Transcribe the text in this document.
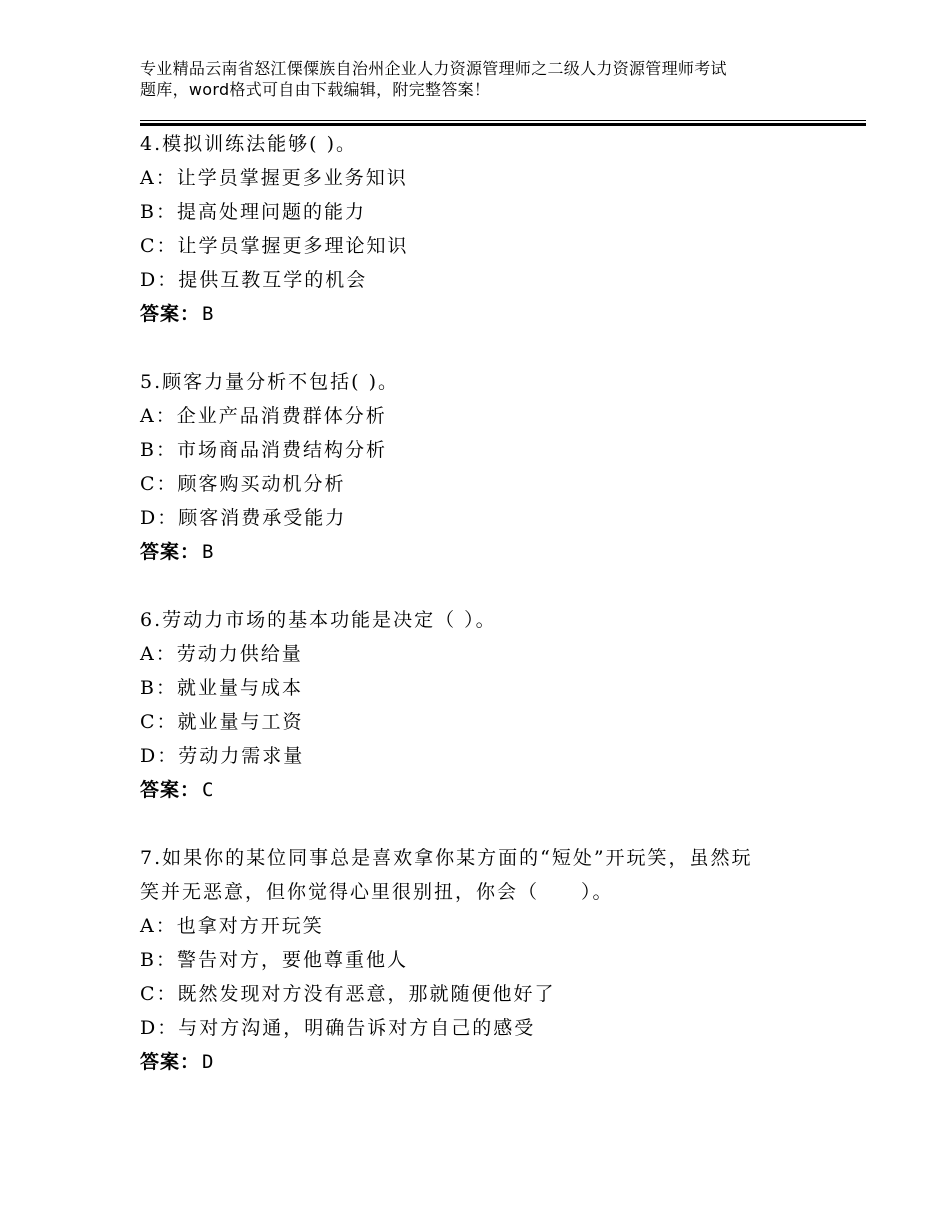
专业精品云南省怒江傈僳族自治州企业人力资源管理师之二级人力资源管理师考试
题库，word格式可自由下载编辑，附完整答案！
4.模拟训练法能够( )。
A：让学员掌握更多业务知识
B：提高处理问题的能力
C：让学员掌握更多理论知识
D：提供互教互学的机会
答案： B
5.顾客力量分析不包括( )。
A：企业产品消费群体分析
B：市场商品消费结构分析
C：顾客购买动机分析
D：顾客消费承受能力
答案： B
6.劳动力市场的基本功能是决定（ ）。
A：劳动力供给量
B：就业量与成本
C：就业量与工资
D：劳动力需求量
答案： C
7.如果你的某位同事总是喜欢拿你某方面的“短处”开玩笑，虽然玩
笑并无恶意，但你觉得心里很别扭，你会（　　）。
A：也拿对方开玩笑
B：警告对方，要他尊重他人
C：既然发现对方没有恶意，那就随便他好了
D：与对方沟通，明确告诉对方自己的感受
答案： D
